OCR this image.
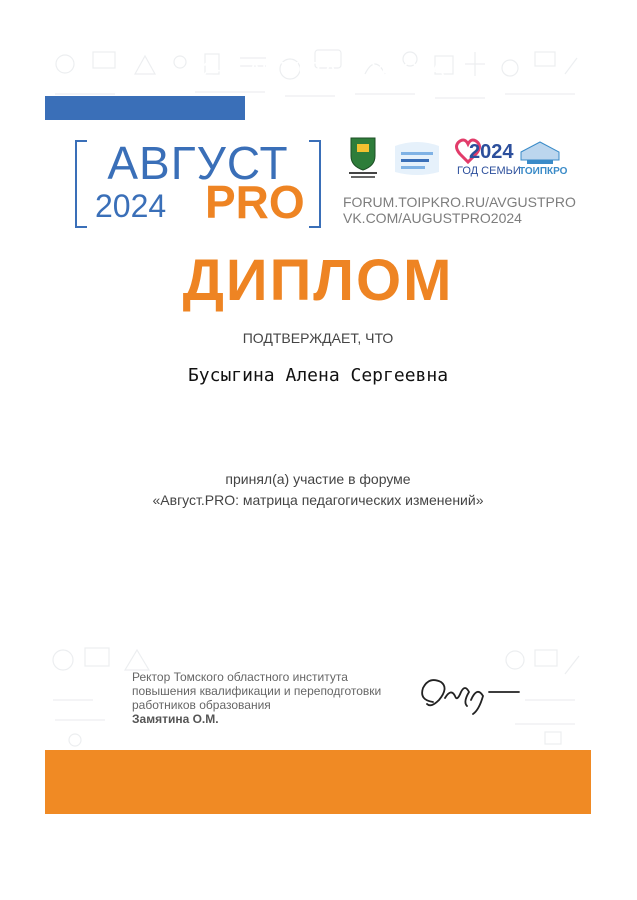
АВГУСТ
2024 PRO
2024
ГОД СЕМЬИ
ТОИПКРО
FORUM.TOIPKRO.RU/AVGUSTPRO
VK.COM/AUGUSTPRO2024
ДИПЛОМ
ПОДТВЕРЖДАЕТ, ЧТО
Бусыгина Алена Сергеевна
принял(а) участие в форуме
«Август.PRO: матрица педагогических изменений»
Ректор Томского областного института
повышения квалификации и переподготовки
работников образования
Замятина О.М.
22-24 АВГУСТА 2024 ГОДА
